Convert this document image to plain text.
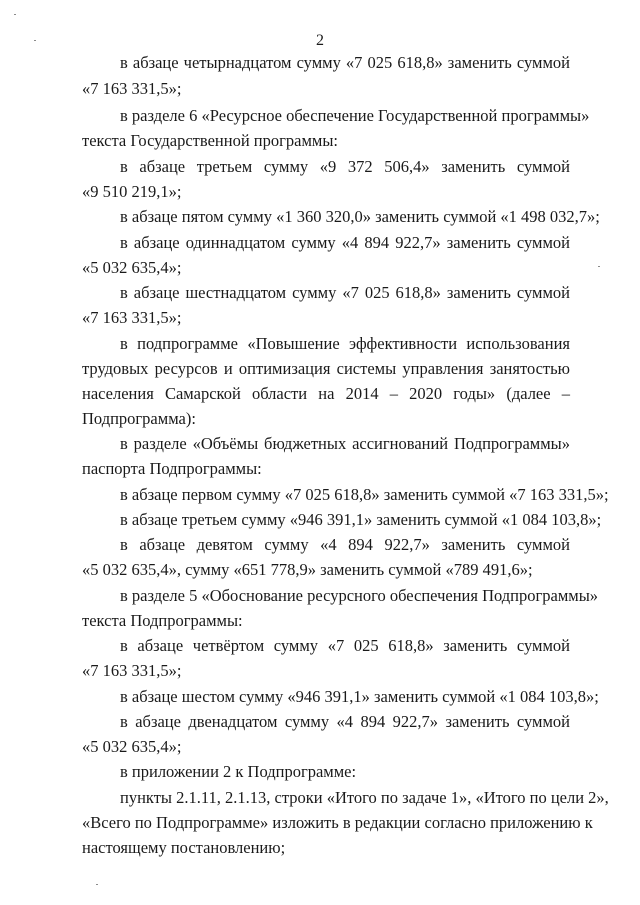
2
в абзаце четырнадцатом сумму «7 025 618,8» заменить суммой
«7 163 331,5»;
в разделе 6 «Ресурсное обеспечение Государственной программы»
текста Государственной программы:
в абзаце третьем сумму «9 372 506,4» заменить суммой
«9 510 219,1»;
в абзаце пятом сумму «1 360 320,0» заменить суммой «1 498 032,7»;
в абзаце одиннадцатом сумму «4 894 922,7» заменить суммой
«5 032 635,4»;
в абзаце шестнадцатом сумму «7 025 618,8» заменить суммой
«7 163 331,5»;
в подпрограмме «Повышение эффективности использования
трудовых ресурсов и оптимизация системы управления занятостью
населения Самарской области на 2014 – 2020 годы» (далее –
Подпрограмма):
в разделе «Объёмы бюджетных ассигнований Подпрограммы»
паспорта Подпрограммы:
в абзаце первом сумму «7 025 618,8» заменить суммой «7 163 331,5»;
в абзаце третьем сумму «946 391,1» заменить суммой «1 084 103,8»;
в абзаце девятом сумму «4 894 922,7» заменить суммой
«5 032 635,4», сумму «651 778,9» заменить суммой «789 491,6»;
в разделе 5 «Обоснование ресурсного обеспечения Подпрограммы»
текста Подпрограммы:
в абзаце четвёртом сумму «7 025 618,8» заменить суммой
«7 163 331,5»;
в абзаце шестом сумму «946 391,1» заменить суммой «1 084 103,8»;
в абзаце двенадцатом сумму «4 894 922,7» заменить суммой
«5 032 635,4»;
в приложении 2 к Подпрограмме:
пункты 2.1.11, 2.1.13, строки «Итого по задаче 1», «Итого по цели 2»,
«Всего по Подпрограмме» изложить в редакции согласно приложению к
настоящему постановлению;
